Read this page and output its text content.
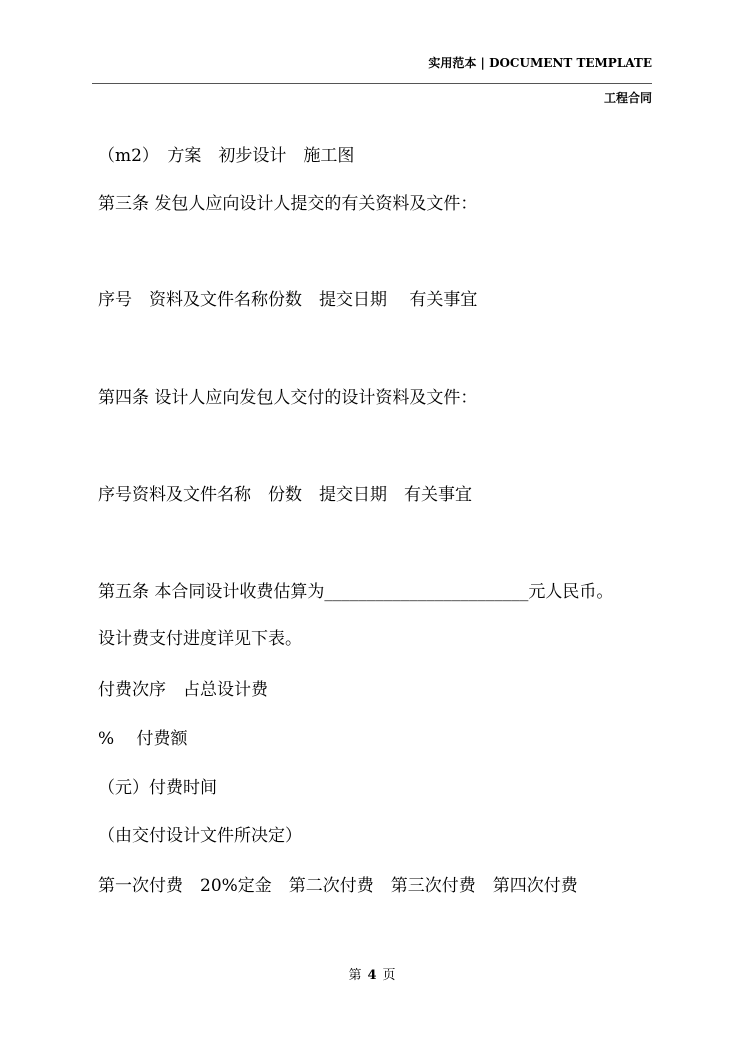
实用范本 | DOCUMENT TEMPLATE
工程合同
（m2）　方案　初步设计　施工图
第三条 发包人应向设计人提交的有关资料及文件：
序号　资料及文件名称份数　提交日期　 有关事宜
第四条 设计人应向发包人交付的设计资料及文件：
序号资料及文件名称　份数　提交日期　有关事宜
第五条 本合同设计收费估算为________________________元人民币。
设计费支付进度详见下表。
付费次序　占总设计费
%　 付费额
（元）付费时间
（由交付设计文件所决定）
第一次付费　20%定金　第二次付费　第三次付费　第四次付费
第 4 页
